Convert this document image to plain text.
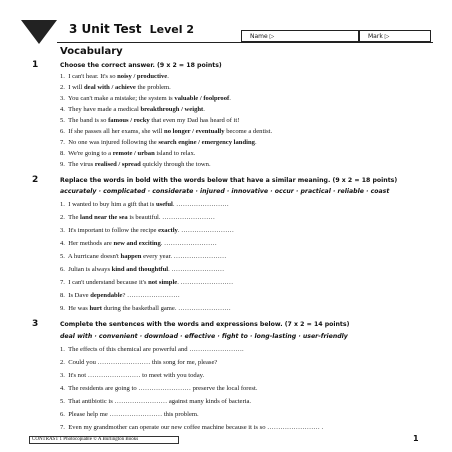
3 Unit Test Level 2
Name ▷	Mark ▷
Vocabulary
1	Choose the correct answer. (9 x 2 = 18 points)
1. I can't hear. It's so noisy / productive.
2. I will deal with / achieve the problem.
3. You can't make a mistake; the system is valuable / foolproof.
4. They have made a medical breakthrough / weight.
5. The band is so famous / rocky that even my Dad has heard of it!
6. If she passes all her exams, she will no longer / eventually become a dentist.
7. No one was injured following the search engine / emergency landing.
8. We're going to a remote / urban island to relax.
9. The virus realised / spread quickly through the town.
2	Replace the words in bold with the words below that have a similar meaning. (9 x 2 = 18 points)
accurately · complicated · considerate · injured · innovative · occur · practical · reliable · coast
1. I wanted to buy him a gift that is useful. ……………………
2. The land near the sea is beautiful. ……………………
3. It's important to follow the recipe exactly. ……………………
4. Her methods are new and exciting. ……………………
5. A hurricane doesn't happen every year. ……………………
6. Julian is always kind and thoughtful. ……………………
7. I can't understand because it's not simple. ……………………
8. Is Dave dependable? ……………………
9. He was hurt during the basketball game. ……………………
3	Complete the sentences with the words and expressions below. (7 x 2 = 14 points)
deal with · convenient · download · effective · fight to · long-lasting · user-friendly
1. The effects of this chemical are powerful and …………………….
2. Could you …………………… this song for me, please?
3. It's not …………………… to meet with you today.
4. The residents are going to …………………… preserve the local forest.
5. That antibiotic is …………………… against many kinds of bacteria.
6. Please help me …………………… this problem.
7. Even my grandmother can operate our new coffee machine because it is so …………………… .
CONTRAST 1 Photocopiable © A Burlington Books	1
